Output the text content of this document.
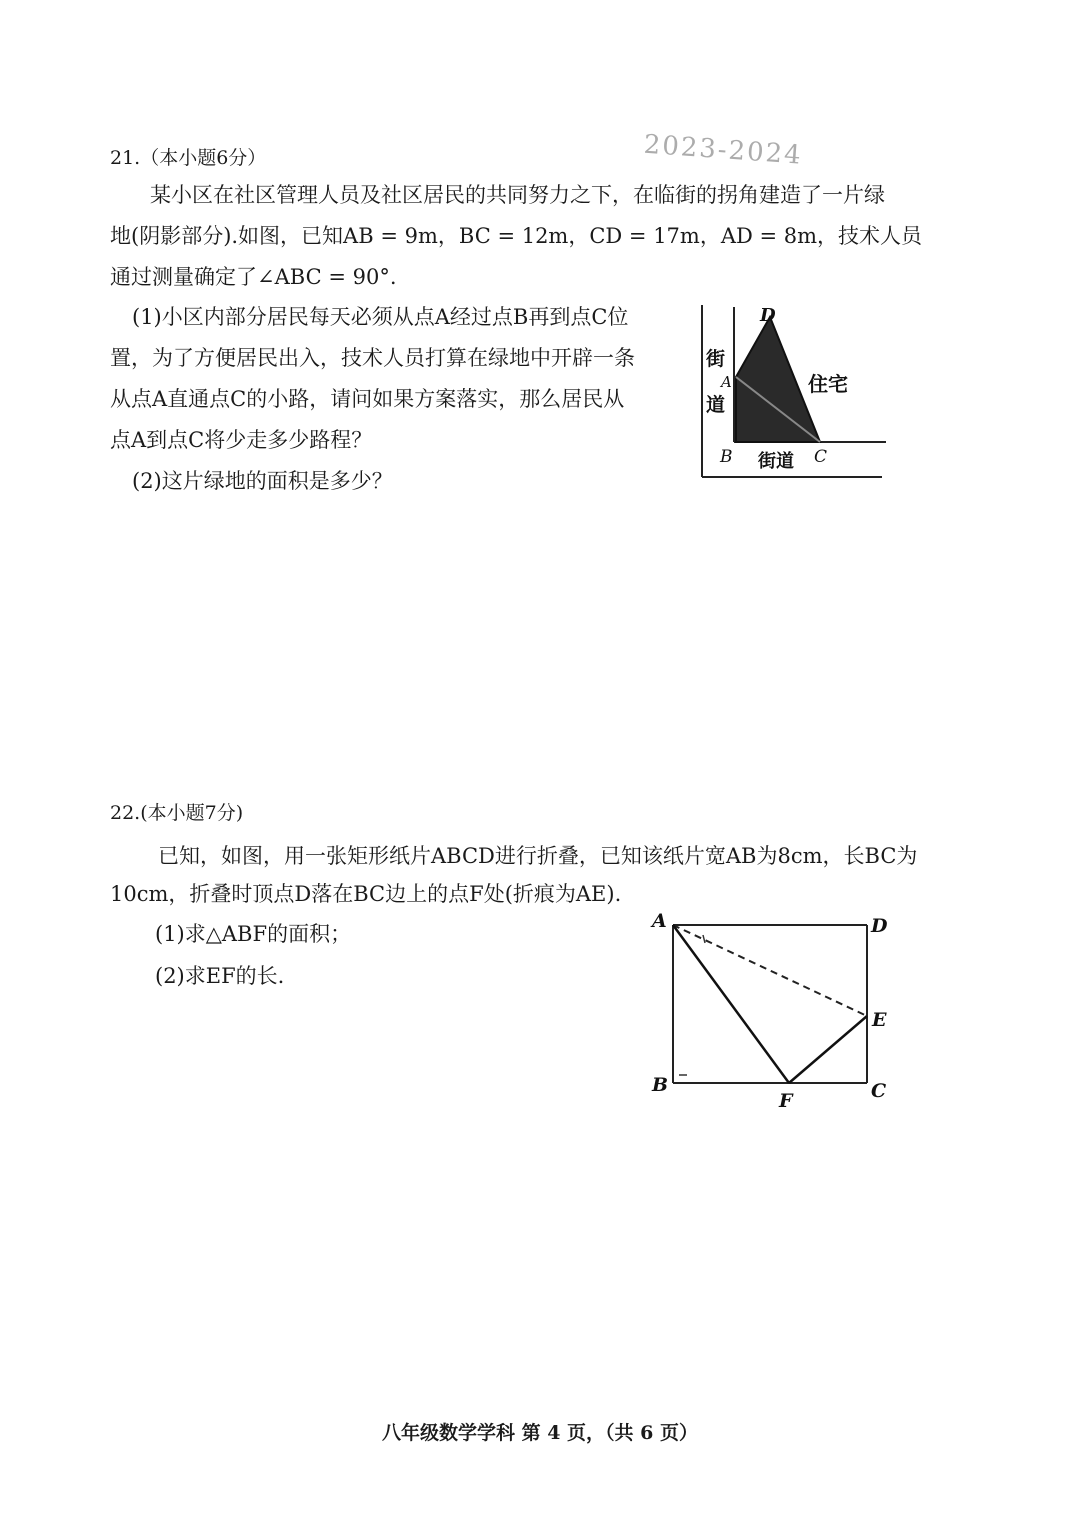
2023-2024
21.（本小题6分）
某小区在社区管理人员及社区居民的共同努力之下，在临街的拐角建造了一片绿
地(阴影部分).如图，已知AB = 9m，BC = 12m，CD = 17m，AD = 8m，技术人员
通过测量确定了∠ABC = 90°.
(1)小区内部分居民每天必须从点A经过点B再到点C位
置，为了方便居民出入，技术人员打算在绿地中开辟一条
从点A直通点C的小路，请问如果方案落实，那么居民从
点A到点C将少走多少路程？
(2)这片绿地的面积是多少？
D
A
B	C
街
道
街道
住宅
22.(本小题7分)
已知，如图，用一张矩形纸片ABCD进行折叠，已知该纸片宽AB为8cm，长BC为
10cm，折叠时顶点D落在BC边上的点F处(折痕为AE).
(1)求△ABF的面积；
(2)求EF的长.
A	D
E
B
F	C
八年级数学学科 第 4 页，（共 6 页）
